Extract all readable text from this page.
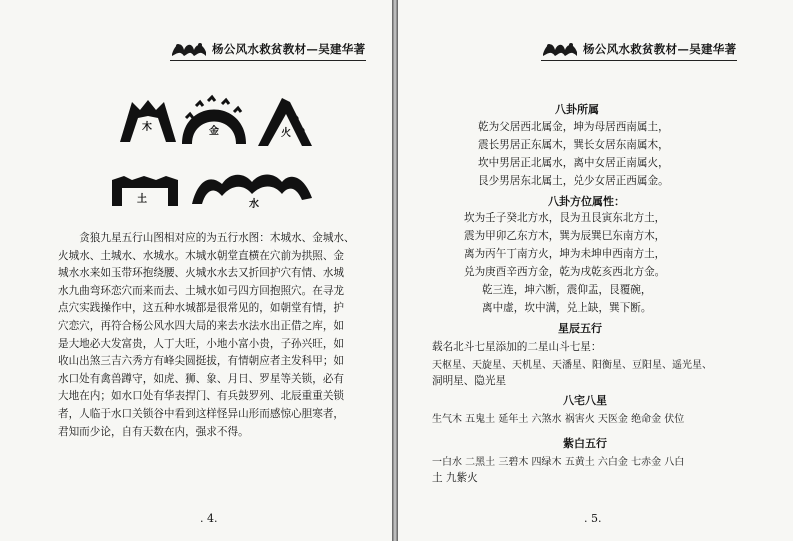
杨公风水救贫教材—吴建华著
木	金	火
土	水

贪狼九星五行山图相对应的为五行水图：木城水、金城水、

火城水、土城水、水城水。木城水朝堂直横在穴前为拱照、金

城水水来如玉带环抱绕腰、火城水水去又折回护穴有情、水城

水九曲弯环恋穴而来而去、土城水如弓四方回抱照穴。在寻龙

点穴实践操作中，这五种水城都是很常见的，如朝堂有情，护

穴恋穴，再符合杨公风水四大局的来去水法水出正借之库，如

是大地必大发富贵，人丁大旺，小地小富小贵，子孙兴旺，如

收山出煞三吉六秀方有峰尖圆挺拔，有情朝应者主发科甲；如

水口处有禽兽蹲守，如虎、狮、象、月日、罗星等关锁，必有

大地在内；如水口处有华表捍门、有兵鼓罗列、北辰重重关锁

者，人临于水口关锁谷中看到这样怪异山形而感惊心胆寒者，

君知而少论，自有天数在内，强求不得。

. 4.
杨公风水救贫教材—吴建华著
八卦所属
乾为父居西北属金，坤为母居西南属土，
震长男居正东属木，巽长女居东南属木，
坎中男居正北属水，离中女居正南属火，
艮少男居东北属土，兑少女居正西属金。
八卦方位属性：
坎为壬子癸北方水，艮为丑艮寅东北方土，
震为甲卯乙东方木，巽为辰巽巳东南方木，
离为丙午丁南方火，坤为未坤申西南方土，
兑为庚酉辛西方金，乾为戌乾亥西北方金。
乾三连，坤六断，震仰盂，艮覆碗，
离中虚，坎中满，兑上缺，巽下断。
星辰五行
载名北斗七星添加的二星山斗七星：
天枢星、天旋星、天机星、天潘星、阳衡星、豆阳星、遥光星、
洞明星、隐光星
八宅八星
生气木 五鬼土 延年土 六煞水 祸害火 天医金 绝命金 伏位
紫白五行
一白水 二黑土 三碧木 四绿木 五黄土 六白金 七赤金 八白
土 九紫火
. 5.
